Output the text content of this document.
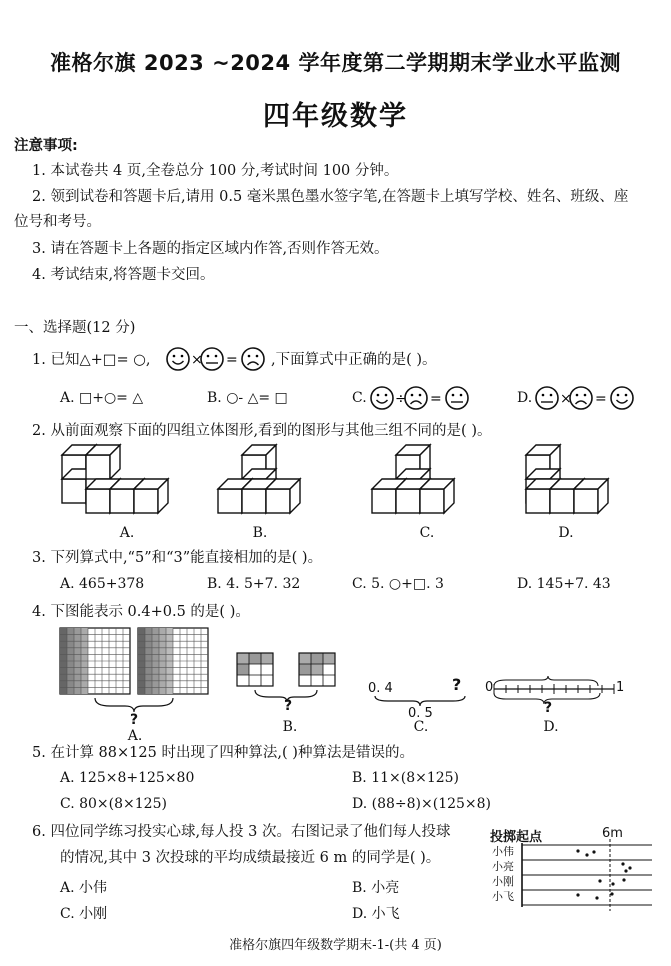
准格尔旗 2023 ~2024 学年度第二学期期末学业水平监测
四年级数学
注意事项:
1. 本试卷共 4 页,全卷总分 100 分,考试时间 100 分钟。
2. 领到试卷和答题卡后,请用 0.5 毫米黑色墨水签字笔,在答题卡上填写学校、姓名、班级、座
位号和考号。
3. 请在答题卡上各题的指定区域内作答,否则作答无效。
4. 考试结束,将答题卡交回。
一、选择题(12 分)
1. 已知△+□= ○,	× = ,下面算式中正确的是( )。
A. □+○= △	B. ○- △= □	C. ÷ =	D. × =
2. 从前面观察下面的四组立体图形,看到的图形与其他三组不同的是( )。
A.	B.	C.	D.
3. 下列算式中,“5”和“3”能直接相加的是( )。
A. 465+378	B. 4. 5+7. 32	C. 5. ○+□. 3	D. 145+7. 43
4. 下图能表示 0.4+0.5 的是( )。
?
A.
?
B.
0. 4	?
0. 5
C.
0	1
?
D.
5. 在计算 88×125 时出现了四种算法,( )种算法是错误的。
A. 125×8+125×80	B. 11×(8×125)
C. 80×(8×125)	D. (88÷8)×(125×8)
6. 四位同学练习投实心球,每人投 3 次。右图记录了他们每人投球
的情况,其中 3 次投球的平均成绩最接近 6 m 的同学是( )。
A. 小伟	B. 小亮
C. 小刚	D. 小飞
投掷起点	6m
小伟
小亮
小刚
小飞
准格尔旗四年级数学期末-1-(共 4 页)
